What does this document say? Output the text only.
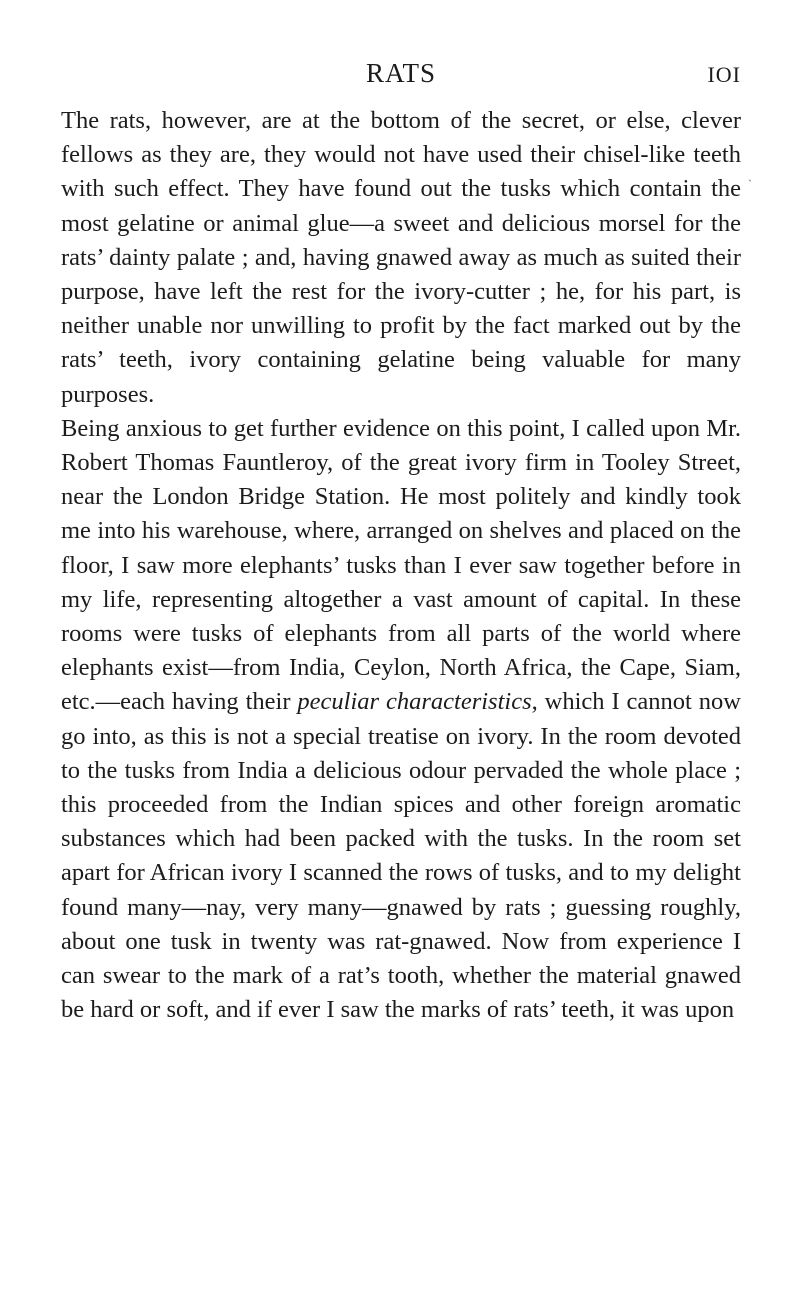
RATS	IOI

The rats, however, are at the bottom of the secret, or else, clever fellows as they are, they would not have used their chisel-like teeth with such effect. They have found out the tusks which contain the most gelatine or animal glue—a sweet and delicious morsel for the rats’ dainty palate ; and, having gnawed away as much as suited their purpose, have left the rest for the ivory-cutter ; he, for his part, is neither unable nor unwilling to profit by the fact marked out by the rats’ teeth, ivory containing gelatine being valuable for many purposes.

Being anxious to get further evidence on this point, I called upon Mr. Robert Thomas Fauntleroy, of the great ivory firm in Tooley Street, near the London Bridge Station. He most politely and kindly took me into his warehouse, where, arranged on shelves and placed on the floor, I saw more elephants’ tusks than I ever saw together before in my life, representing altogether a vast amount of capital. In these rooms were tusks of elephants from all parts of the world where elephants exist—from India, Ceylon, North Africa, the Cape, Siam, etc.—each having their peculiar characteristics, which I cannot now go into, as this is not a special treatise on ivory. In the room devoted to the tusks from India a delicious odour pervaded the whole place ; this proceeded from the Indian spices and other foreign aromatic substances which had been packed with the tusks. In the room set apart for African ivory I scanned the rows of tusks, and to my delight found many—nay, very many—gnawed by rats ; guessing roughly, about one tusk in twenty was rat-gnawed. Now from experience I can swear to the mark of a rat’s tooth, whether the material gnawed be hard or soft, and if ever I saw the marks of rats’ teeth, it was upon

ˎ
